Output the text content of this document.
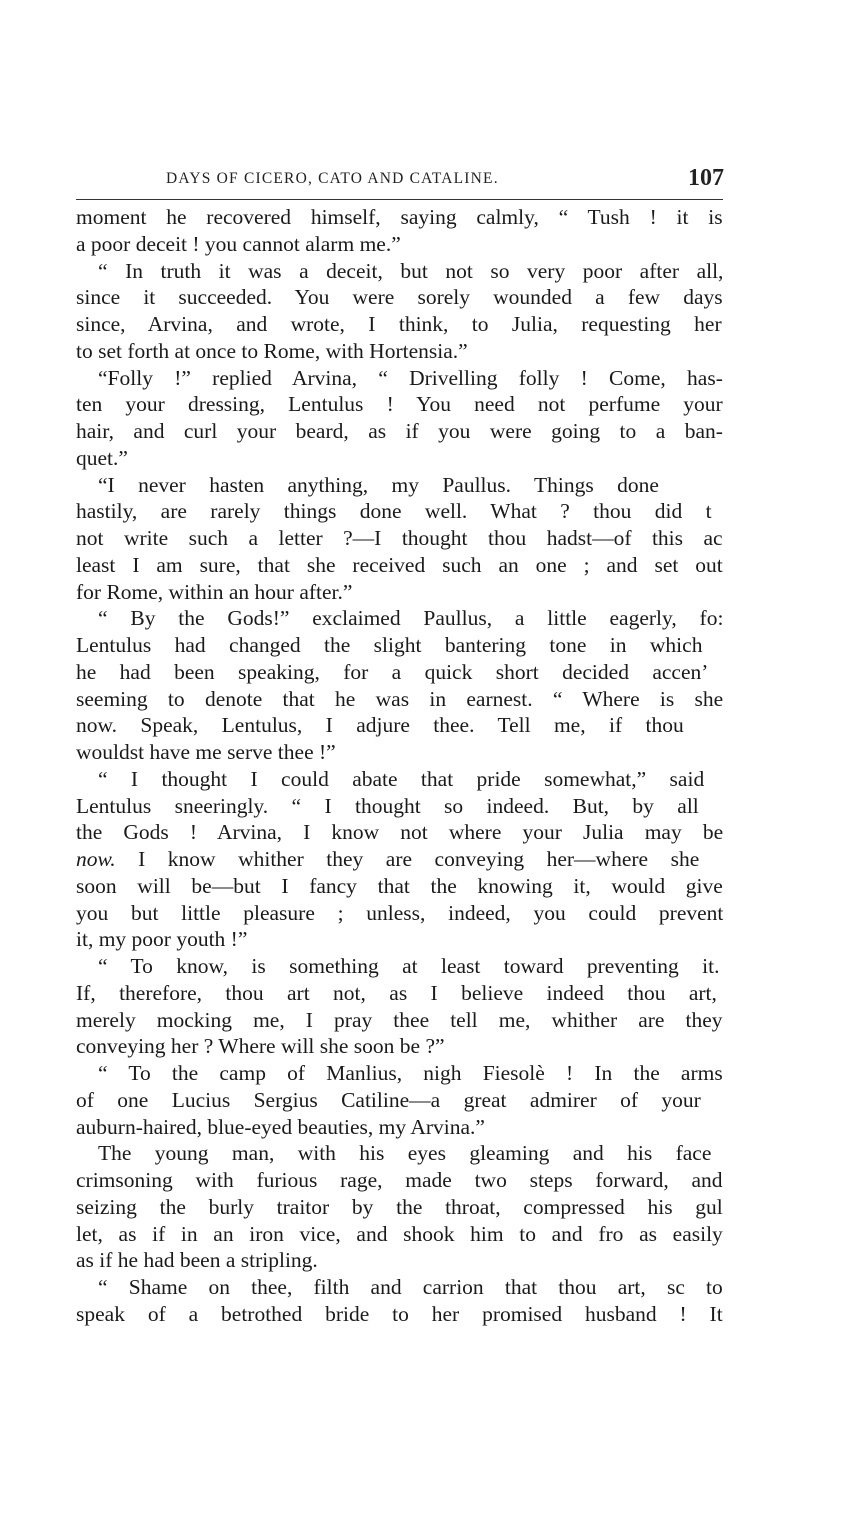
DAYS OF CICERO, CATO AND CATALINE.	107
moment he recovered himself, saying calmly, “ Tush ! it is
a poor deceit ! you cannot alarm me.”
“ In truth it was a deceit, but not so very poor after all,
since it succeeded. You were sorely wounded a few days
since, Arvina, and wrote, I think, to Julia, requesting her
to set forth at once to Rome, with Hortensia.”
“Folly !” replied Arvina, “ Drivelling folly ! Come, has-
ten your dressing, Lentulus ! You need not perfume your
hair, and curl your beard, as if you were going to a ban-
quet.”
“I never hasten anything, my Paullus. Things done
hastily, are rarely things done well. What ? thou did t
not write such a letter ?—I thought thou hadst—of this ac
least I am sure, that she received such an one ; and set out
for Rome, within an hour after.”
“ By the Gods!” exclaimed Paullus, a little eagerly, fo:
Lentulus had changed the slight bantering tone in which
he had been speaking, for a quick short decided accen’
seeming to denote that he was in earnest. “ Where is she
now. Speak, Lentulus, I adjure thee. Tell me, if thou
wouldst have me serve thee !”
“ I thought I could abate that pride somewhat,” said
Lentulus sneeringly. “ I thought so indeed. But, by all
the Gods ! Arvina, I know not where your Julia may be
now. I know whither they are conveying her—where she
soon will be—but I fancy that the knowing it, would give
you but little pleasure ; unless, indeed, you could prevent
it, my poor youth !”
“ To know, is something at least toward preventing it.
If, therefore, thou art not, as I believe indeed thou art,
merely mocking me, I pray thee tell me, whither are they
conveying her ? Where will she soon be ?”
“ To the camp of Manlius, nigh Fiesolè ! In the arms
of one Lucius Sergius Catiline—a great admirer of your
auburn-haired, blue-eyed beauties, my Arvina.”
The young man, with his eyes gleaming and his face
crimsoning with furious rage, made two steps forward, and
seizing the burly traitor by the throat, compressed his gul
let, as if in an iron vice, and shook him to and fro as easily
as if he had been a stripling.
“ Shame on thee, filth and carrion that thou art, sc to
speak of a betrothed bride to her promised husband ! It
